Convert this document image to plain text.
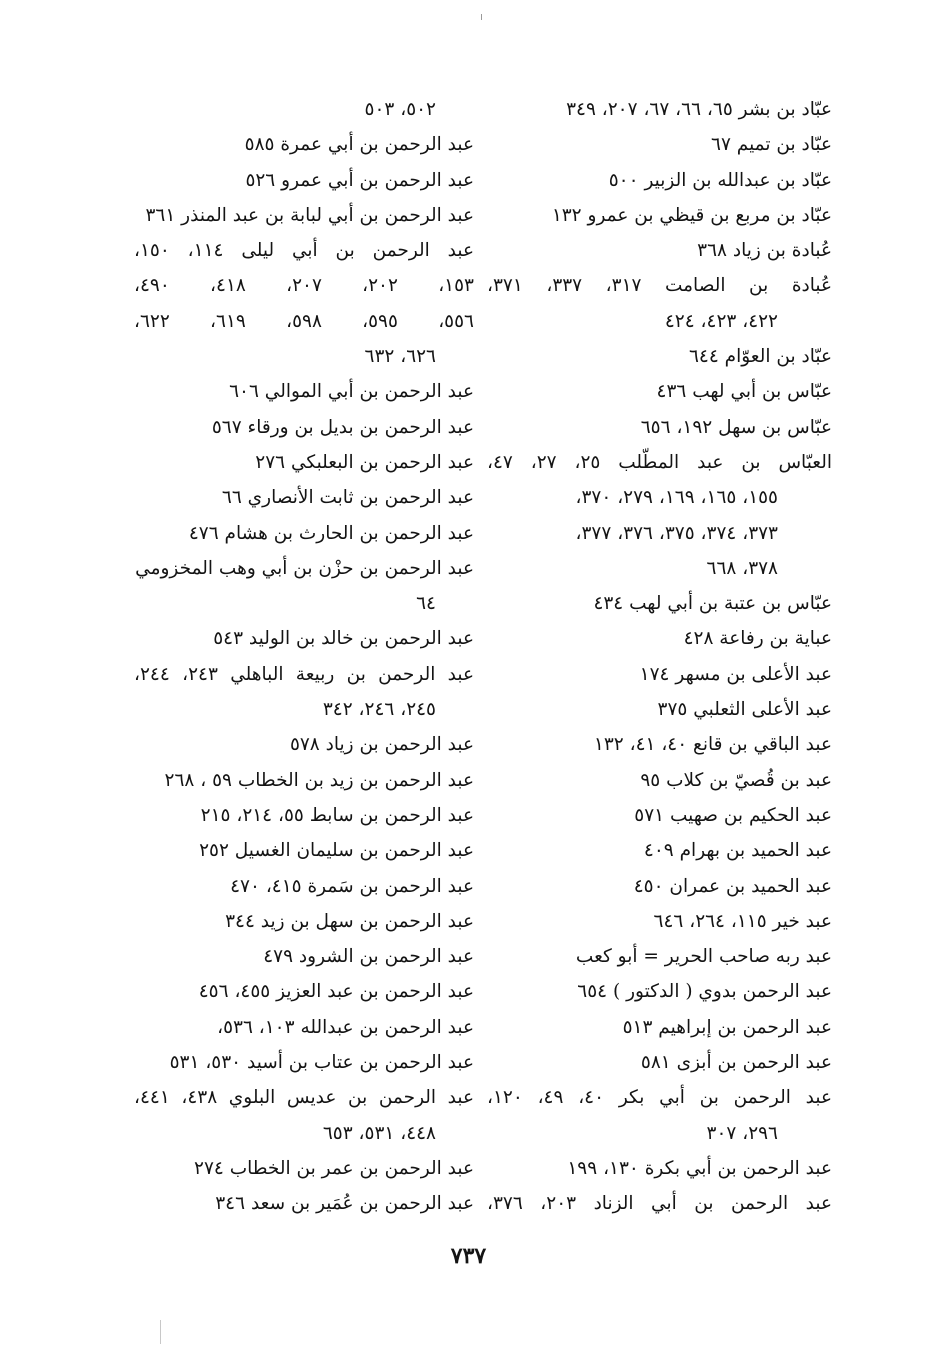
عبّاد بن بشر ٦٥، ٦٦، ٦٧، ٢٠٧، ٣٤٩
عبّاد بن تميم ٦٧
عبّاد بن عبدالله بن الزبير ٥٠٠
عبّاد بن مربع بن قيظي بن عمرو ١٣٢
عُبادة بن زياد ٣٦٨
عُبادة بن الصامت ٣١٧، ٣٣٧، ٣٧١،
٤٢٢، ٤٢٣، ٤٢٤
عبّاد بن العوّام ٦٤٤
عبّاس بن أبي لهب ٤٣٦
عبّاس بن سهل ١٩٢، ٦٥٦
العبّاس بن عبد المطّلب ٢٥، ٢٧، ٤٧،
١٥٥، ١٦٥، ١٦٩، ٢٧٩، ٣٧٠،
٣٧٣، ٣٧٤، ٣٧٥، ٣٧٦، ٣٧٧،
٣٧٨، ٦٦٨
عبّاس بن عتبة بن أبي لهب ٤٣٤
عباية بن رفاعة ٤٢٨
عبد الأعلى بن مسهر ١٧٤
عبد الأعلى الثعلبي ٣٧٥
عبد الباقي بن قانع ٤٠، ٤١، ١٣٢
عبد بن قُصيّ بن كلاب ٩٥
عبد الحكيم بن صهيب ٥٧١
عبد الحميد بن بهرام ٤٠٩
عبد الحميد بن عمران ٤٥٠
عبد خير ١١٥، ٢٦٤، ٦٤٦
عبد ربه صاحب الحرير = أبو كعب
عبد الرحمن بدوي ( الدكتور ) ٦٥٤
عبد الرحمن بن إبراهيم ٥١٣
عبد الرحمن بن أبزى ٥٨١
عبد الرحمن بن أبي بكر ٤٠، ٤٩، ١٢٠،
٢٩٦، ٣٠٧
عبد الرحمن بن أبي بكرة ١٣٠، ١٩٩
عبد الرحمن بن أبي الزناد ٢٠٣، ٣٧٦،
٥٠٢، ٥٠٣
عبد الرحمن بن أبي عمرة ٥٨٥
عبد الرحمن بن أبي عمرو ٥٢٦
عبد الرحمن بن أبي لبابة بن عبد المنذر ٣٦١
عبد الرحمن بن أبي ليلى ١١٤، ١٥٠،
١٥٣، ٢٠٢، ٢٠٧، ٤١٨، ٤٩٠،
٥٥٦، ٥٩٥، ٥٩٨، ٦١٩، ٦٢٢،
٦٢٦، ٦٣٢
عبد الرحمن بن أبي الموالي ٦٠٦
عبد الرحمن بن بديل بن ورقاء ٥٦٧
عبد الرحمن بن البعلبكي ٢٧٦
عبد الرحمن بن ثابت الأنصاري ٦٦
عبد الرحمن بن الحارث بن هشام ٤٧٦
عبد الرحمن بن حزْن بن أبي وهب المخزومي
٦٤
عبد الرحمن بن خالد بن الوليد ٥٤٣
عبد الرحمن بن ربيعة الباهلي ٢٤٣، ٢٤٤،
٢٤٥، ٢٤٦، ٣٤٢
عبد الرحمن بن زياد ٥٧٨
عبد الرحمن بن زيد بن الخطاب ٥٩ ، ٢٦٨
عبد الرحمن بن سابط ٥٥، ٢١٤، ٢١٥
عبد الرحمن بن سليمان الغسيل ٢٥٢
عبد الرحمن بن سَمرة ٤١٥، ٤٧٠
عبد الرحمن بن سهل بن زيد ٣٤٤
عبد الرحمن بن الشرود ٤٧٩
عبد الرحمن بن عبد العزيز ٤٥٥، ٤٥٦
عبد الرحمن بن عبدالله ١٠٣، ٥٣٦،
عبد الرحمن بن عتاب بن أسيد ٥٣٠، ٥٣١
عبد الرحمن بن عديس البلوي ٤٣٨، ٤٤١،
٤٤٨، ٥٣١، ٦٥٣
عبد الرحمن بن عمر بن الخطاب ٢٧٤
عبد الرحمن بن عُمَير بن سعد ٣٤٦
٧٣٧
